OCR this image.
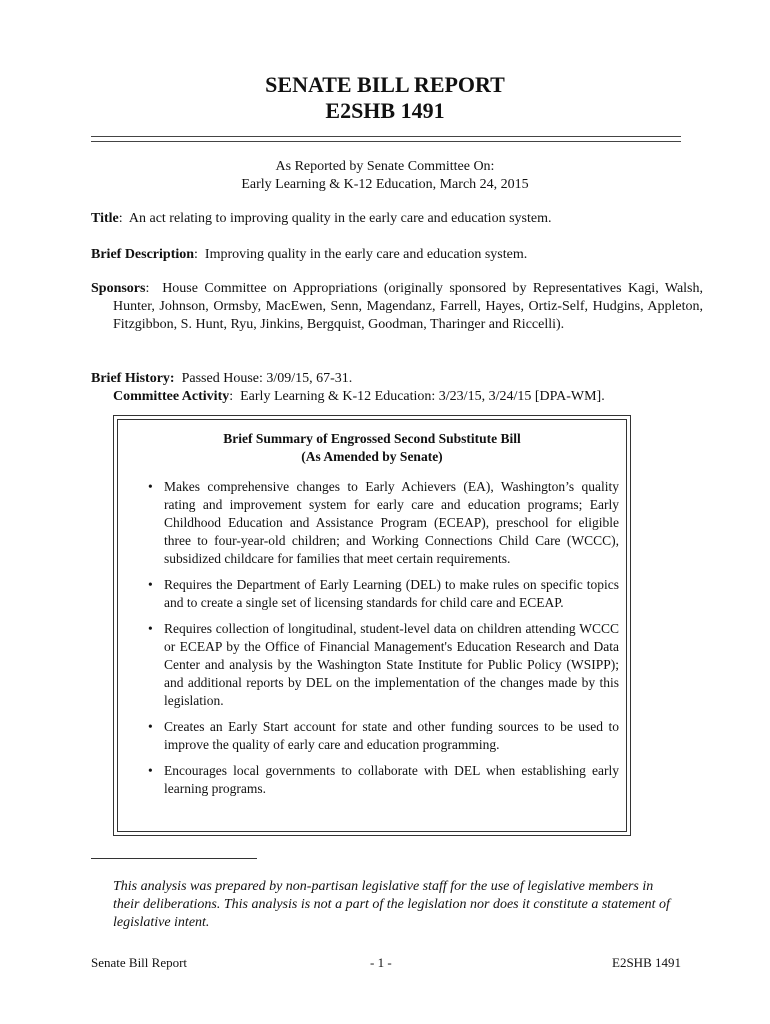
SENATE BILL REPORT
E2SHB 1491
As Reported by Senate Committee On:
Early Learning & K-12 Education, March 24, 2015
Title:  An act relating to improving quality in the early care and education system.
Brief Description:  Improving quality in the early care and education system.
Sponsors:  House Committee on Appropriations (originally sponsored by Representatives Kagi, Walsh, Hunter, Johnson, Ormsby, MacEwen, Senn, Magendanz, Farrell, Hayes, Ortiz-Self, Hudgins, Appleton, Fitzgibbon, S. Hunt, Ryu, Jinkins, Bergquist, Goodman, Tharinger and Riccelli).
Brief History: Passed House: 3/09/15, 67-31.
Committee Activity:  Early Learning & K-12 Education: 3/23/15, 3/24/15 [DPA-WM].
Brief Summary of Engrossed Second Substitute Bill
(As Amended by Senate)
• Makes comprehensive changes to Early Achievers (EA), Washington’s quality rating and improvement system for early care and education programs; Early Childhood Education and Assistance Program (ECEAP), preschool for eligible three to four-year-old children; and Working Connections Child Care (WCCC), subsidized childcare for families that meet certain requirements.
• Requires the Department of Early Learning (DEL) to make rules on specific topics and to create a single set of licensing standards for child care and ECEAP.
• Requires collection of longitudinal, student-level data on children attending WCCC or ECEAP by the Office of Financial Management's Education Research and Data Center and analysis by the Washington State Institute for Public Policy (WSIPP); and additional reports by DEL on the implementation of the changes made by this legislation.
• Creates an Early Start account for state and other funding sources to be used to improve the quality of early care and education programming.
• Encourages local governments to collaborate with DEL when establishing early learning programs.
This analysis was prepared by non-partisan legislative staff for the use of legislative members in their deliberations. This analysis is not a part of the legislation nor does it constitute a statement of legislative intent.
Senate Bill Report	- 1 -	E2SHB 1491
